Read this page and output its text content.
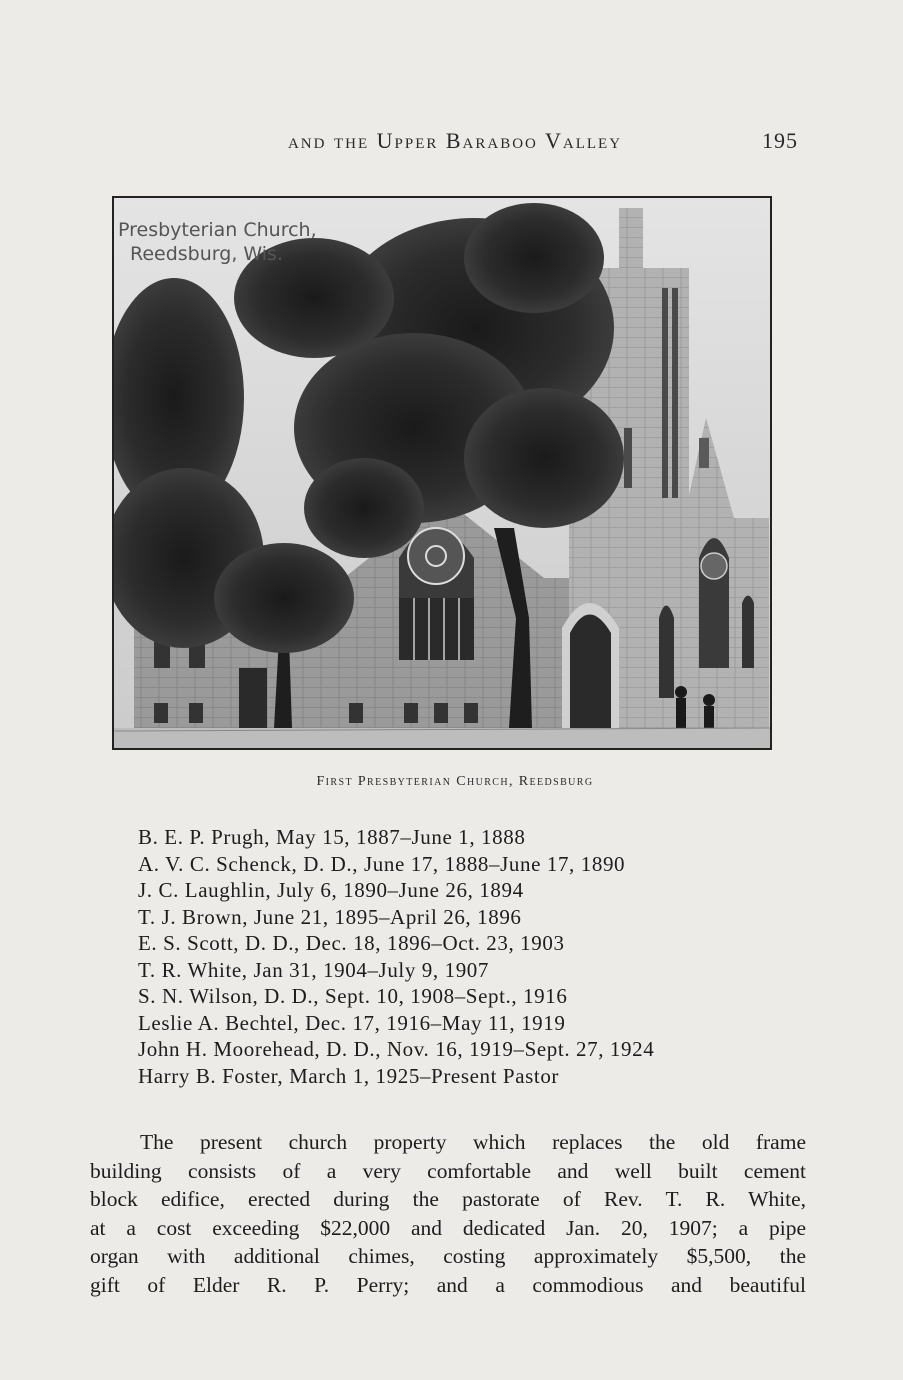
and the Upper Baraboo Valley	195
Presbyterian Church,
Reedsburg, Wis.
First Presbyterian Church, Reedsburg
B. E. P. Prugh, May 15, 1887–June 1, 1888
A. V. C. Schenck, D. D., June 17, 1888–June 17, 1890
J. C. Laughlin, July 6, 1890–June 26, 1894
T. J. Brown, June 21, 1895–April 26, 1896
E. S. Scott, D. D., Dec. 18, 1896–Oct. 23, 1903
T. R. White, Jan 31, 1904–July 9, 1907
S. N. Wilson, D. D., Sept. 10, 1908–Sept., 1916
Leslie A. Bechtel, Dec. 17, 1916–May 11, 1919
John H. Moorehead, D. D., Nov. 16, 1919–Sept. 27, 1924
Harry B. Foster, March 1, 1925–Present Pastor
The present church property which replaces the old frame
building consists of a very comfortable and well built cement
block edifice, erected during the pastorate of Rev. T. R. White,
at a cost exceeding $22,000 and dedicated Jan. 20, 1907; a pipe
organ with additional chimes, costing approximately $5,500, the
gift of Elder R. P. Perry; and a commodious and beautiful
